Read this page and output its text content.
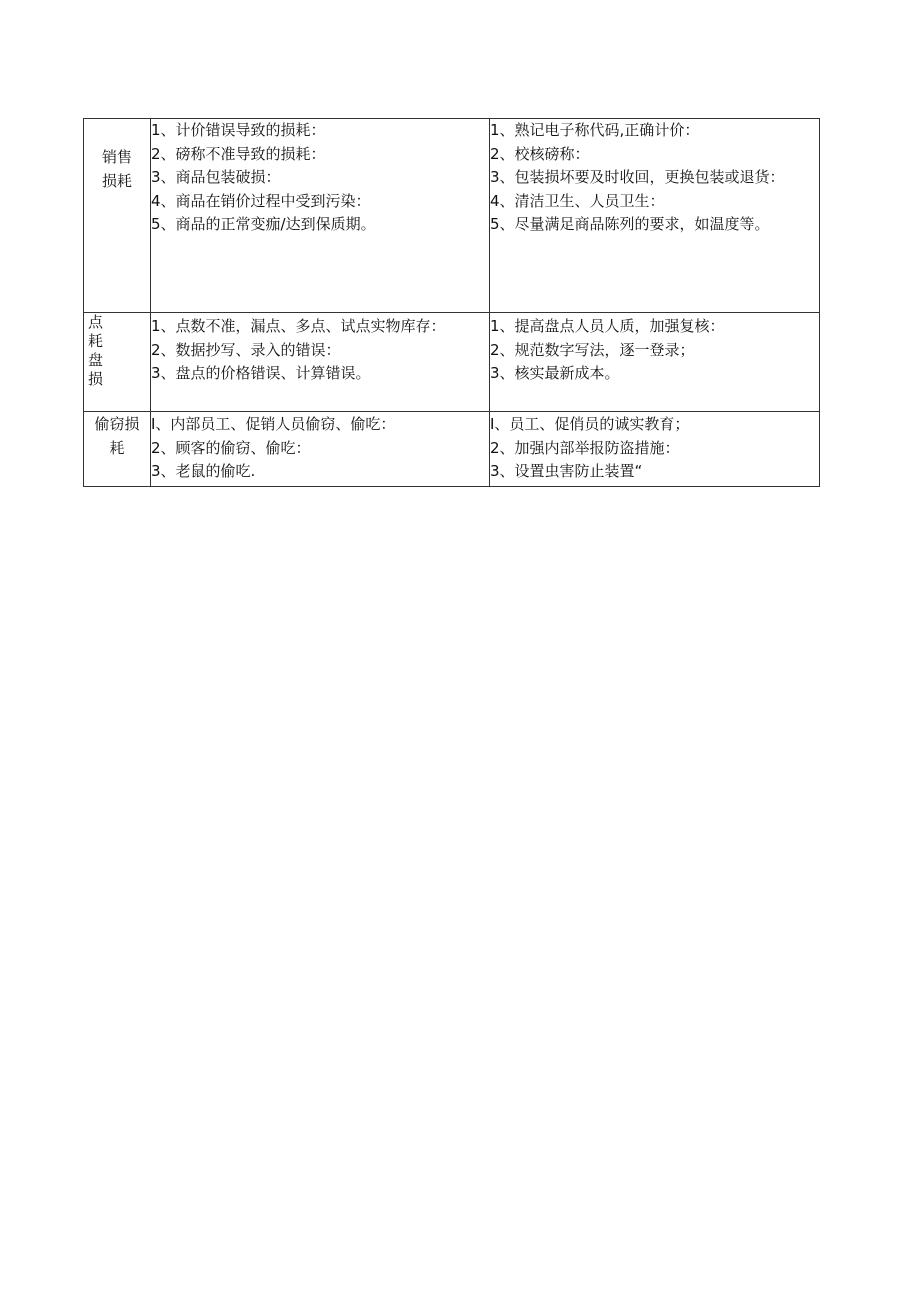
销售
损耗	1、计价错误导致的损耗：
2、磅称不准导致的损耗：
3、商品包装破损：
4、商品在销价过程中受到污染：
5、商品的正常变痂/达到保质期。	1、熟记电子称代码,正确计价：
2、校核磅称：
3、包装损坏要及时收回，更换包装或退货：
4、清洁卫生、人员卫生：
5、尽量满足商品陈列的要求，如温度等。

点
耗
盘
损	1、点数不准，漏点、多点、试点实物库存：
2、数据抄写、录入的错误：
3、盘点的价格错误、计算错误。	1、提高盘点人员人质，加强复核：
2、规范数字写法，逐一登录；
3、核实最新成本。

偷窃损
耗	I、内部员工、促销人员偷窃、偷吃：
2、顾客的偷窃、偷吃：
3、老鼠的偷吃.	I、员工、促俏员的诚实教育；
2、加强内部举报防盗措施：
3、设置虫害防止装置“
